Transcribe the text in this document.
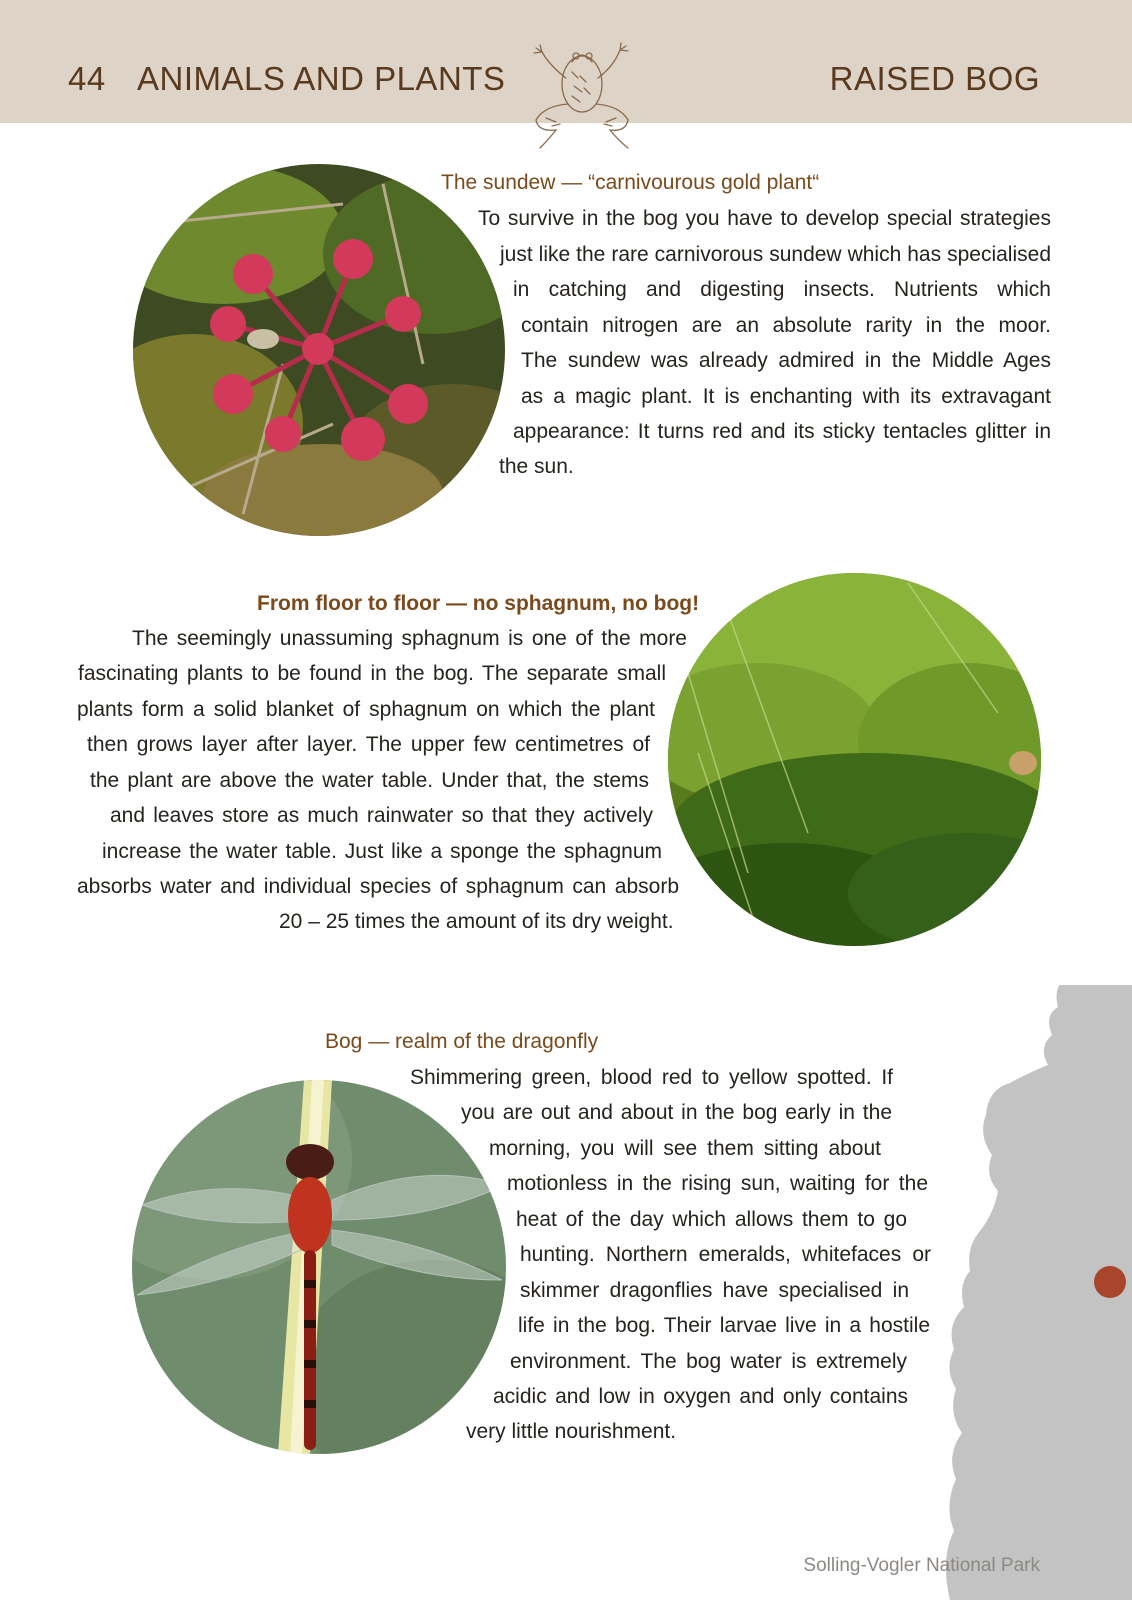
44 ANIMALS AND PLANTS	RAISED BOG
The sundew — “carnivourous gold plant“
To survive in the bog you have to develop special strategies
just like the rare carnivorous sundew which has specialised
in catching and digesting insects. Nutrients which
contain nitrogen are an absolute rarity in the moor.
The sundew was already admired in the Middle Ages
as a magic plant. It is enchanting with its extravagant
appearance: It turns red and its sticky tentacles glitter in
the sun.
From floor to floor — no sphagnum, no bog!
The seemingly unassuming sphagnum is one of the more
fascinating plants to be found in the bog. The separate small
plants form a solid blanket of sphagnum on which the plant
then grows layer after layer. The upper few centimetres of
the plant are above the water table. Under that, the stems
and leaves store as much rainwater so that they actively
increase the water table. Just like a sponge the sphagnum
absorbs water and individual species of sphagnum can absorb
20 – 25 times the amount of its dry weight.
Bog — realm of the dragonfly
Shimmering green, blood red to yellow spotted. If
you are out and about in the bog early in the
morning, you will see them sitting about
motionless in the rising sun, waiting for the
heat of the day which allows them to go
hunting. Northern emeralds, whitefaces or
skimmer dragonflies have specialised in
life in the bog. Their larvae live in a hostile
environment. The bog water is extremely
acidic and low in oxygen and only contains
very little nourishment.
Solling-Vogler National Park
